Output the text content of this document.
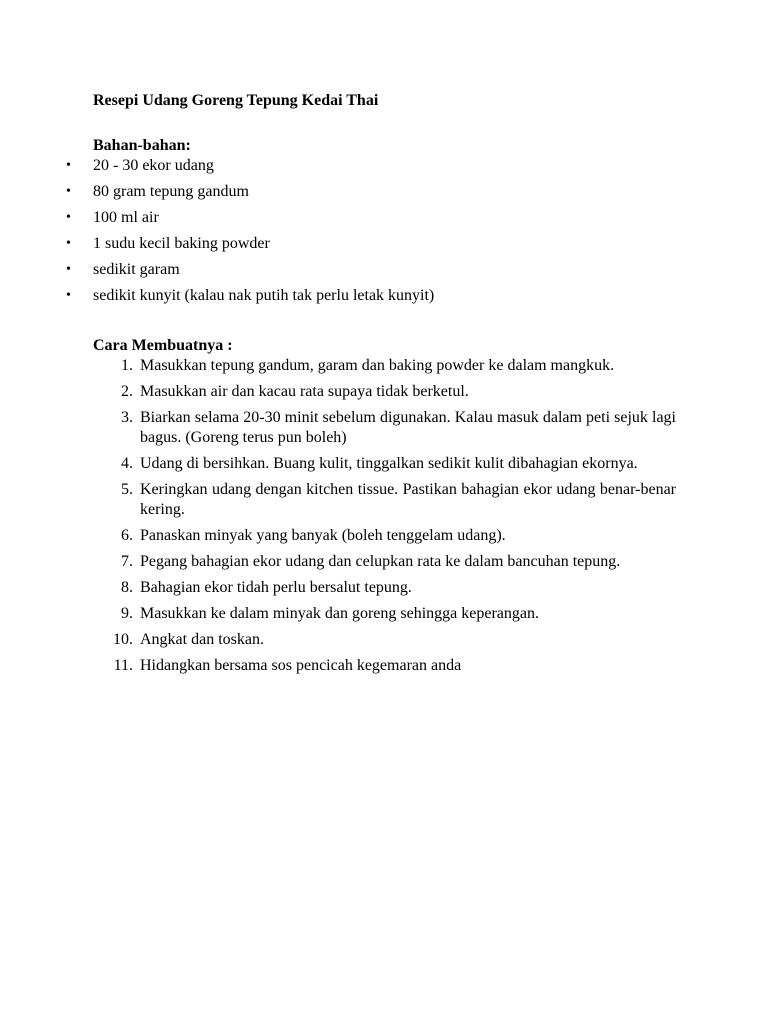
Resepi Udang Goreng Tepung Kedai Thai
Bahan-bahan:
•	20 - 30 ekor udang
•	80 gram tepung gandum
•	100 ml air
•	1 sudu kecil baking powder
•	sedikit garam
•	sedikit kunyit (kalau nak putih tak perlu letak kunyit)
Cara Membuatnya :
1. Masukkan tepung gandum, garam dan baking powder ke dalam mangkuk.
2. Masukkan air dan kacau rata supaya tidak berketul.
3. Biarkan selama 20-30 minit sebelum digunakan. Kalau masuk dalam peti sejuk lagi bagus. (Goreng terus pun boleh)
4. Udang di bersihkan. Buang kulit, tinggalkan sedikit kulit dibahagian ekornya.
5. Keringkan udang dengan kitchen tissue. Pastikan bahagian ekor udang benar-benar kering.
6. Panaskan minyak yang banyak (boleh tenggelam udang).
7. Pegang bahagian ekor udang dan celupkan rata ke dalam bancuhan tepung.
8. Bahagian ekor tidah perlu bersalut tepung.
9. Masukkan ke dalam minyak dan goreng sehingga keperangan.
10. Angkat dan toskan.
11. Hidangkan bersama sos pencicah kegemaran anda
